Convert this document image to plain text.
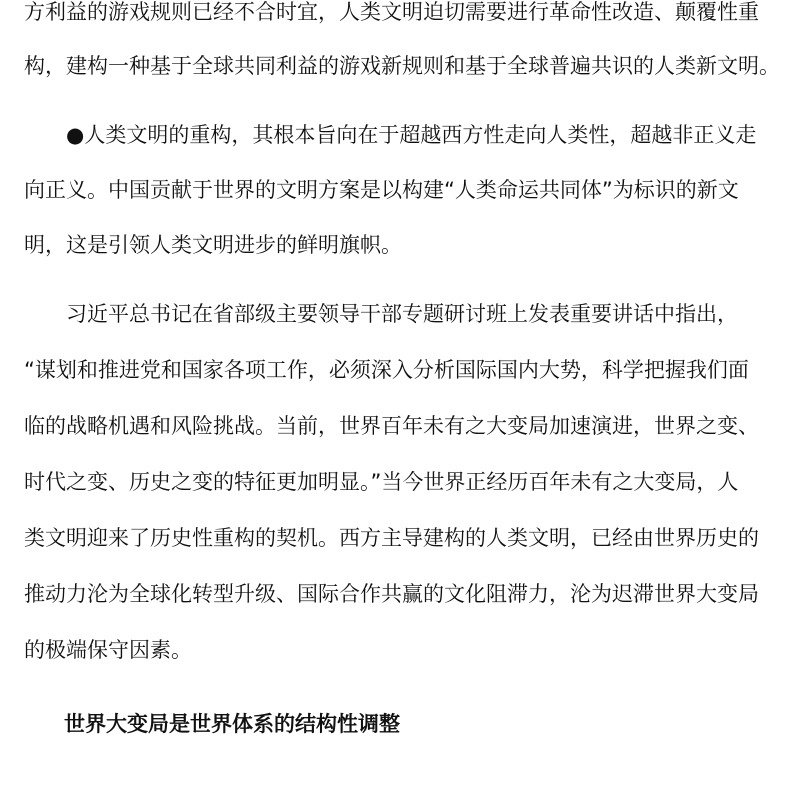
方利益的游戏规则已经不合时宜，人类文明迫切需要进行革命性改造、颠覆性重
构，建构一种基于全球共同利益的游戏新规则和基于全球普遍共识的人类新文明。
●人类文明的重构，其根本旨向在于超越西方性走向人类性，超越非正义走
向正义。中国贡献于世界的文明方案是以构建“人类命运共同体”为标识的新文
明，这是引领人类文明进步的鲜明旗帜。
习近平总书记在省部级主要领导干部专题研讨班上发表重要讲话中指出，
“谋划和推进党和国家各项工作，必须深入分析国际国内大势，科学把握我们面
临的战略机遇和风险挑战。当前，世界百年未有之大变局加速演进，世界之变、
时代之变、历史之变的特征更加明显。”当今世界正经历百年未有之大变局，人
类文明迎来了历史性重构的契机。西方主导建构的人类文明，已经由世界历史的
推动力沦为全球化转型升级、国际合作共赢的文化阻滞力，沦为迟滞世界大变局
的极端保守因素。
世界大变局是世界体系的结构性调整
